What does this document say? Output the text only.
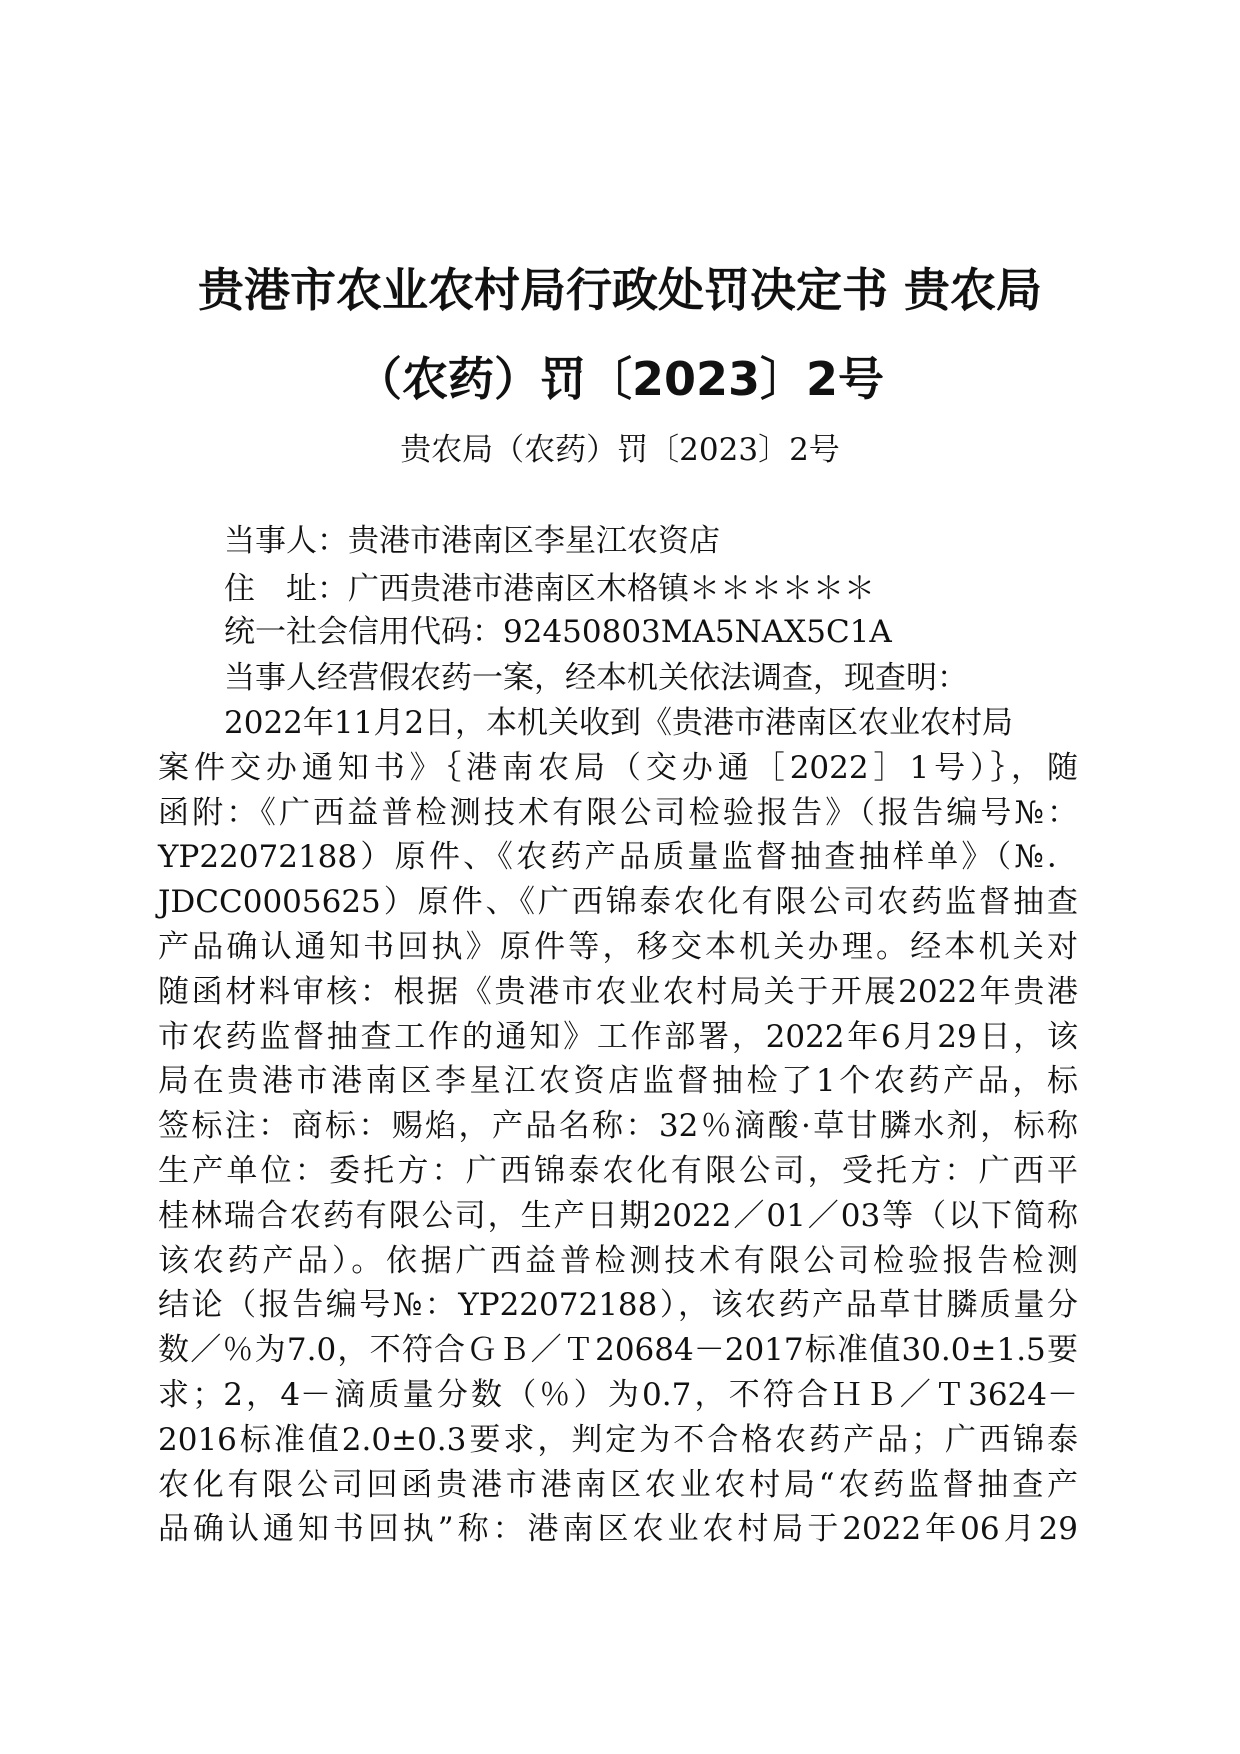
贵港市农业农村局行政处罚决定书 贵农局
（农药）罚〔2023〕2号
贵农局（农药）罚〔2023〕2号

当事人：贵港市港南区李星江农资店

住　址：广西贵港市港南区木格镇＊＊＊＊＊＊

统一社会信用代码：92450803MA5NAX5C1A

当事人经营假农药一案，经本机关依法调查，现查明：

2022年11月2日，本机关收到《贵港市港南区农业农村局
案件交办通知书》｛港南农局（交办通［2022］1号）｝，随
函附：《广西益普检测技术有限公司检验报告》（报告编号№：
YP22072188）原件、《农药产品质量监督抽查抽样单》（№．
JDCC0005625）原件、《广西锦泰农化有限公司农药监督抽查
产品确认通知书回执》原件等，移交本机关办理。经本机关对
随函材料审核：根据《贵港市农业农村局关于开展2022年贵港
市农药监督抽查工作的通知》工作部署，2022年6月29日，该
局在贵港市港南区李星江农资店监督抽检了1个农药产品，标
签标注：商标：赐焰，产品名称：32％滴酸·草甘膦水剂，标称
生产单位：委托方：广西锦泰农化有限公司，受托方：广西平
桂林瑞合农药有限公司，生产日期2022／01／03等（以下简称
该农药产品）。依据广西益普检测技术有限公司检验报告检测
结论（报告编号№：YP22072188），该农药产品草甘膦质量分
数／％为7.0，不符合ＧＢ／Ｔ20684－2017标准值30.0±1.5要
求；2，4－滴质量分数（％）为0.7，不符合ＨＢ／Ｔ3624－
2016标准值2.0±0.3要求，判定为不合格农药产品；广西锦泰
农化有限公司回函贵港市港南区农业农村局“农药监督抽查产
品确认通知书回执”称：港南区农业农村局于2022年06月29
